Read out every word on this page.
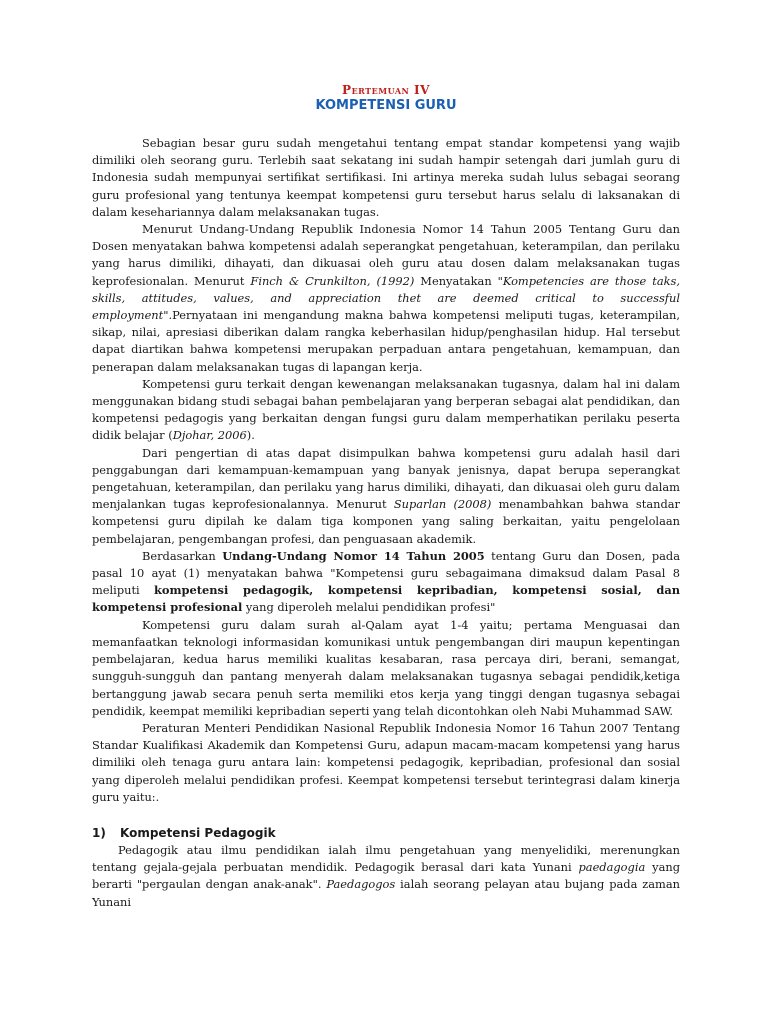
Pertemuan IV
KOMPETENSI GURU

Sebagian besar guru sudah mengetahui tentang empat standar kompetensi yang wajib dimiliki oleh seorang guru. Terlebih saat sekatang ini sudah hampir setengah dari jumlah guru di Indonesia sudah mempunyai sertifikat sertifikasi. Ini artinya mereka sudah lulus sebagai seorang guru profesional yang tentunya keempat kompetensi guru tersebut harus selalu di laksanakan di dalam kesehariannya dalam melaksanakan tugas.

Menurut Undang-Undang Republik Indonesia Nomor 14 Tahun 2005 Tentang Guru dan Dosen menyatakan bahwa kompetensi adalah seperangkat pengetahuan, keterampilan, dan perilaku yang harus dimiliki, dihayati, dan dikuasai oleh guru atau dosen dalam melaksanakan tugas keprofesionalan. Menurut Finch & Crunkilton, (1992) Menyatakan "Kompetencies are those taks, skills, attitudes, values, and appreciation thet are deemed critical to successful employment".Pernyataan ini mengandung makna bahwa kompetensi meliputi tugas, keterampilan, sikap, nilai, apresiasi diberikan dalam rangka keberhasilan hidup/penghasilan hidup. Hal tersebut dapat diartikan bahwa kompetensi merupakan perpaduan antara pengetahuan, kemampuan, dan penerapan dalam melaksanakan tugas di lapangan kerja.

Kompetensi guru terkait dengan kewenangan melaksanakan tugasnya, dalam hal ini dalam menggunakan bidang studi sebagai bahan pembelajaran yang berperan sebagai alat pendidikan, dan kompetensi pedagogis yang berkaitan dengan fungsi guru dalam memperhatikan perilaku peserta didik belajar (Djohar, 2006).

Dari pengertian di atas dapat disimpulkan bahwa kompetensi guru adalah hasil dari penggabungan dari kemampuan-kemampuan yang banyak jenisnya, dapat berupa seperangkat pengetahuan, keterampilan, dan perilaku yang harus dimiliki, dihayati, dan dikuasai oleh guru dalam menjalankan tugas keprofesionalannya. Menurut Suparlan (2008) menambahkan bahwa standar kompetensi guru dipilah ke dalam tiga komponen yang saling berkaitan, yaitu pengelolaan pembelajaran, pengembangan profesi, dan penguasaan akademik.

Berdasarkan Undang-Undang Nomor 14 Tahun 2005 tentang Guru dan Dosen, pada pasal 10 ayat (1) menyatakan bahwa "Kompetensi guru sebagaimana dimaksud dalam Pasal 8 meliputi kompetensi pedagogik, kompetensi kepribadian, kompetensi sosial, dan kompetensi profesional yang diperoleh melalui pendidikan profesi"

Kompetensi guru dalam surah al-Qalam ayat 1-4 yaitu; pertama Menguasai dan memanfaatkan teknologi informasidan komunikasi untuk pengembangan diri maupun kepentingan pembelajaran, kedua harus memiliki kualitas kesabaran, rasa percaya diri, berani, semangat, sungguh-sungguh dan pantang menyerah dalam melaksanakan tugasnya sebagai pendidik,ketiga bertanggung jawab secara penuh serta memiliki etos kerja yang tinggi dengan tugasnya sebagai pendidik, keempat memiliki kepribadian seperti yang telah dicontohkan oleh Nabi Muhammad SAW.

Peraturan Menteri Pendidikan Nasional Republik Indonesia Nomor 16 Tahun 2007 Tentang Standar Kualifikasi Akademik dan Kompetensi Guru, adapun macam-macam kompetensi yang harus dimiliki oleh tenaga guru antara lain: kompetensi pedagogik, kepribadian, profesional dan sosial yang diperoleh melalui pendidikan profesi. Keempat kompetensi tersebut terintegrasi dalam kinerja guru yaitu:.

1) Kompetensi Pedagogik

Pedagogik atau ilmu pendidikan ialah ilmu pengetahuan yang menyelidiki, merenungkan tentang gejala-gejala perbuatan mendidik. Pedagogik berasal dari kata Yunani paedagogia yang berarti "pergaulan dengan anak-anak". Paedagogos ialah seorang pelayan atau bujang pada zaman Yunani
